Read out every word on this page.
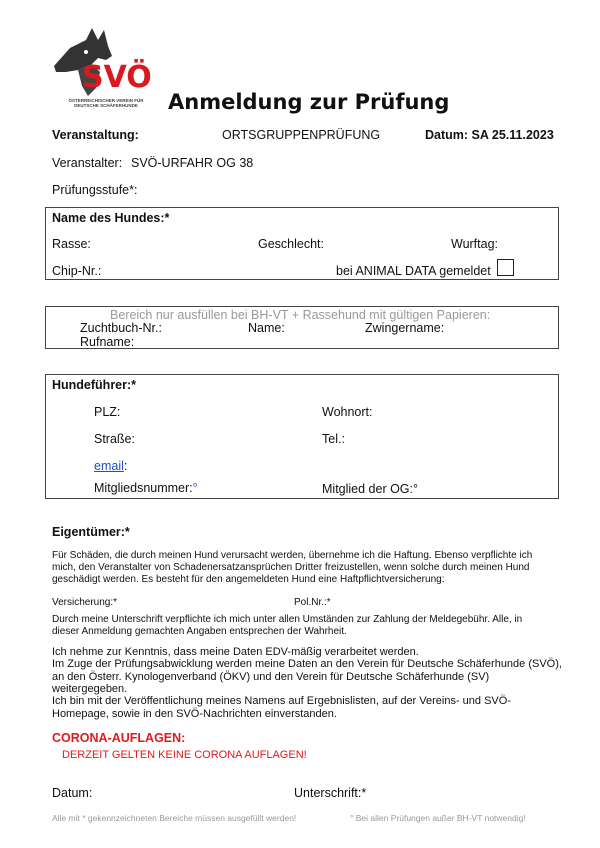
SVÖ
ÖSTERREICHISCHER VEREIN FÜR DEUTSCHE SCHÄFERHUNDE	Anmeldung zur Prüfung
Veranstaltung:	ORTSGRUPPENPRÜFUNG	Datum: SA 25.11.2023
Veranstalter: SVÖ-URFAHR OG 38
Prüfungsstufe*:
Name des Hundes:*
Rasse:	Geschlecht:	Wurftag:
Chip-Nr.:	bei ANIMAL DATA gemeldet
Bereich nur ausfüllen bei BH-VT + Rassehund mit gültigen Papieren:
Zuchtbuch-Nr.:	Name:	Zwingername:
Rufname:
Hundeführer:*
PLZ:	Wohnort:
Straße:	Tel.:
email:
Mitgliedsnummer:°	Mitglied der OG:°
Eigentümer:*
Für Schäden, die durch meinen Hund verursacht werden, übernehme ich die Haftung. Ebenso verpflichte ich mich, den Veranstalter von Schadenersatzansprüchen Dritter freizustellen, wenn solche durch meinen Hund geschädigt werden. Es besteht für den angemeldeten Hund eine Haftpflichtversicherung:
Versicherung:*	Pol.Nr.:*
Durch meine Unterschrift verpflichte ich mich unter allen Umständen zur Zahlung der Meldegebühr. Alle, in dieser Anmeldung gemachten Angaben entsprechen der Wahrheit.
Ich nehme zur Kenntnis, dass meine Daten EDV-mäßig verarbeitet werden.
Im Zuge der Prüfungsabwicklung werden meine Daten an den Verein für Deutsche Schäferhunde (SVÖ), an den Österr. Kynologenverband (ÖKV) und den Verein für Deutsche Schäferhunde (SV) weitergegeben.
Ich bin mit der Veröffentlichung meines Namens auf Ergebnislisten, auf der Vereins- und SVÖ-Homepage, sowie in den SVÖ-Nachrichten einverstanden.
CORONA-AUFLAGEN:
DERZEIT GELTEN KEINE CORONA AUFLAGEN!
Datum:	Unterschrift:*
Alle mit * gekennzeichneten Bereiche müssen ausgefüllt werden!	° Bei allen Prüfungen außer BH-VT notwendig!
